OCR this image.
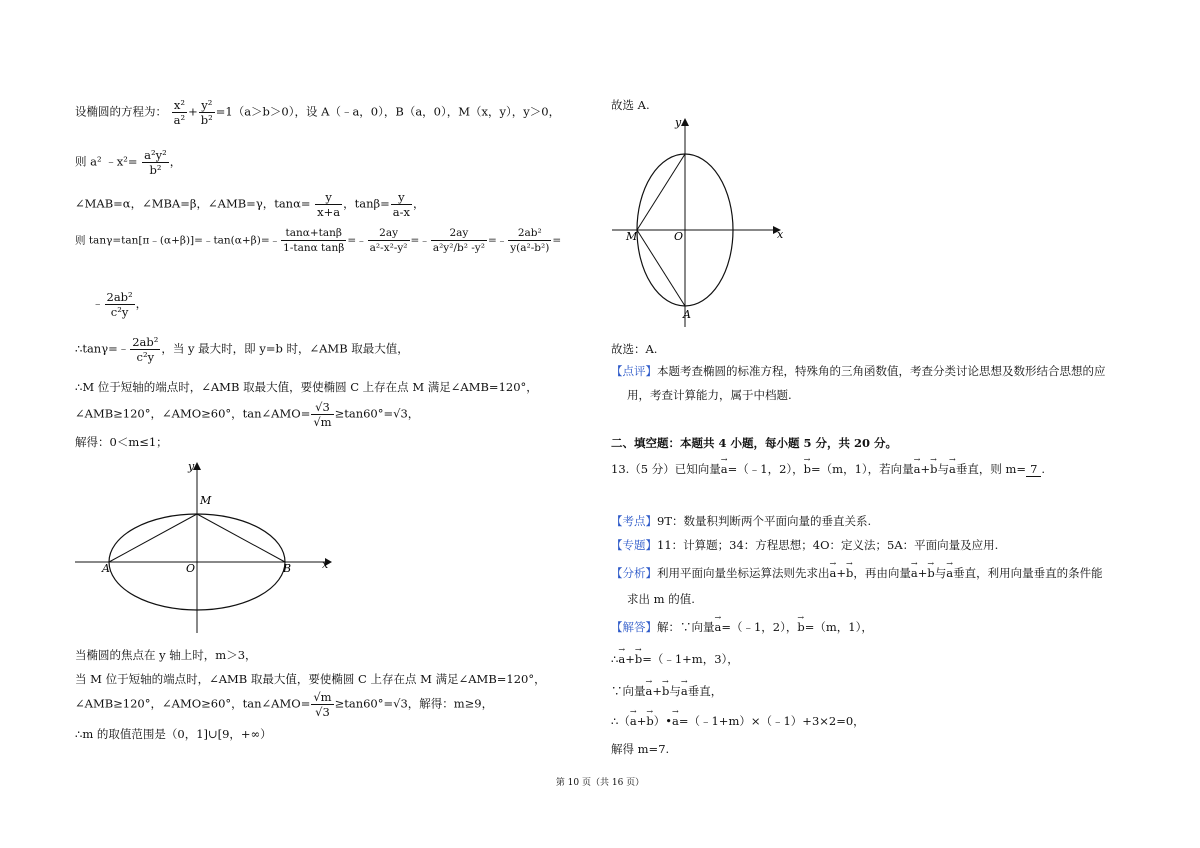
设椭圆的方程为： $\frac{\text{x²}}{\text{a²}} + \frac{\text{y²}}{\text{b²}} =1(a>b>0)$，设 A（﹣a，0），B（a，0），M（x，y），y＞0，
则 a² ﹣x²= $\frac{\text{a²y²}}{\text{b²}}$ ，
∠MAB=α，∠MBA=β，∠AMB=γ，$\tan\alpha= \frac{y}{x+a}$ ，$\tan\beta= \frac{y}{a-x}$ ，
则 tanγ=tan[π﹣(α+β)]=﹣tan(α+β)=﹣ $\frac{\tan\alpha+\tan\beta}{\text{1-tanα tanβ}}$ =﹣ $\frac{2ay}{\text{a²-x²-y²}}$ =﹣ $\frac{2ay}{\text{a²y²/b² -y²}}$ =﹣ $\frac{\text{2ab²}}{\text{y(a²-b²)}}$ =
﹣ $\frac{\text{2ab²}}{\text{c²y}}$ ，
∴tanγ=﹣ $\frac{\text{2ab²}}{\text{c²y}}$ ，当 y 最大时，即 y=b 时，∠AMB 取最大值，
∴M 位于短轴的端点时，∠AMB 取最大值，要使椭圆 C 上存在点 M 满足∠AMB=120°，
∠AMB≥120°，∠AMO≥60°，tan∠AMO= $\frac{√3}{√m} \ge\tan 60^\circ=√3$，
解得：0＜m≤1；
y
x
M
O
A	B
当椭圆的焦点在 y 轴上时，m＞3，
当 M 位于短轴的端点时，∠AMB 取最大值，要使椭圆 C 上存在点 M 满足∠AMB=120°，
∠AMB≥120°，∠AMO≥60°，tan∠AMO= $\frac{√m}{√3} \ge\tan 60^\circ=√3$，解得：m≥9，
∴m 的取值范围是（0，1]∪[9，+∞）
故选 A.
y
x
M	O
A
故选：A.
【点评】本题考查椭圆的标准方程，特殊角的三角函数值，考查分类讨论思想及数形结合思想的应
用，考查计算能力，属于中档题.
二、填空题：本题共 4 小题，每小题 5 分，共 20 分。
13.（5 分）已知向量→ a=（﹣1，2），→ b=（m，1），若向量→ a+→ b与→ a垂直，则 m= 7 .
【考点】9T：数量积判断两个平面向量的垂直关系.
【专题】11：计算题；34：方程思想；4O：定义法；5A：平面向量及应用.
【分析】利用平面向量坐标运算法则先求出→ a+→ b，再由向量→ a+→ b与→ a垂直，利用向量垂直的条件能
求出 m 的值.
【解答】解：∵向量→ a=（﹣1，2），→ b=（m，1），
∴→ a+→ b=（﹣1+m，3），
∵向量→ a+→ b与→ a垂直，
∴（→ a+→ b）•→ a=（﹣1+m）×（﹣1）+3×2=0，
解得 m=7.
第 10 页（共 16 页）
